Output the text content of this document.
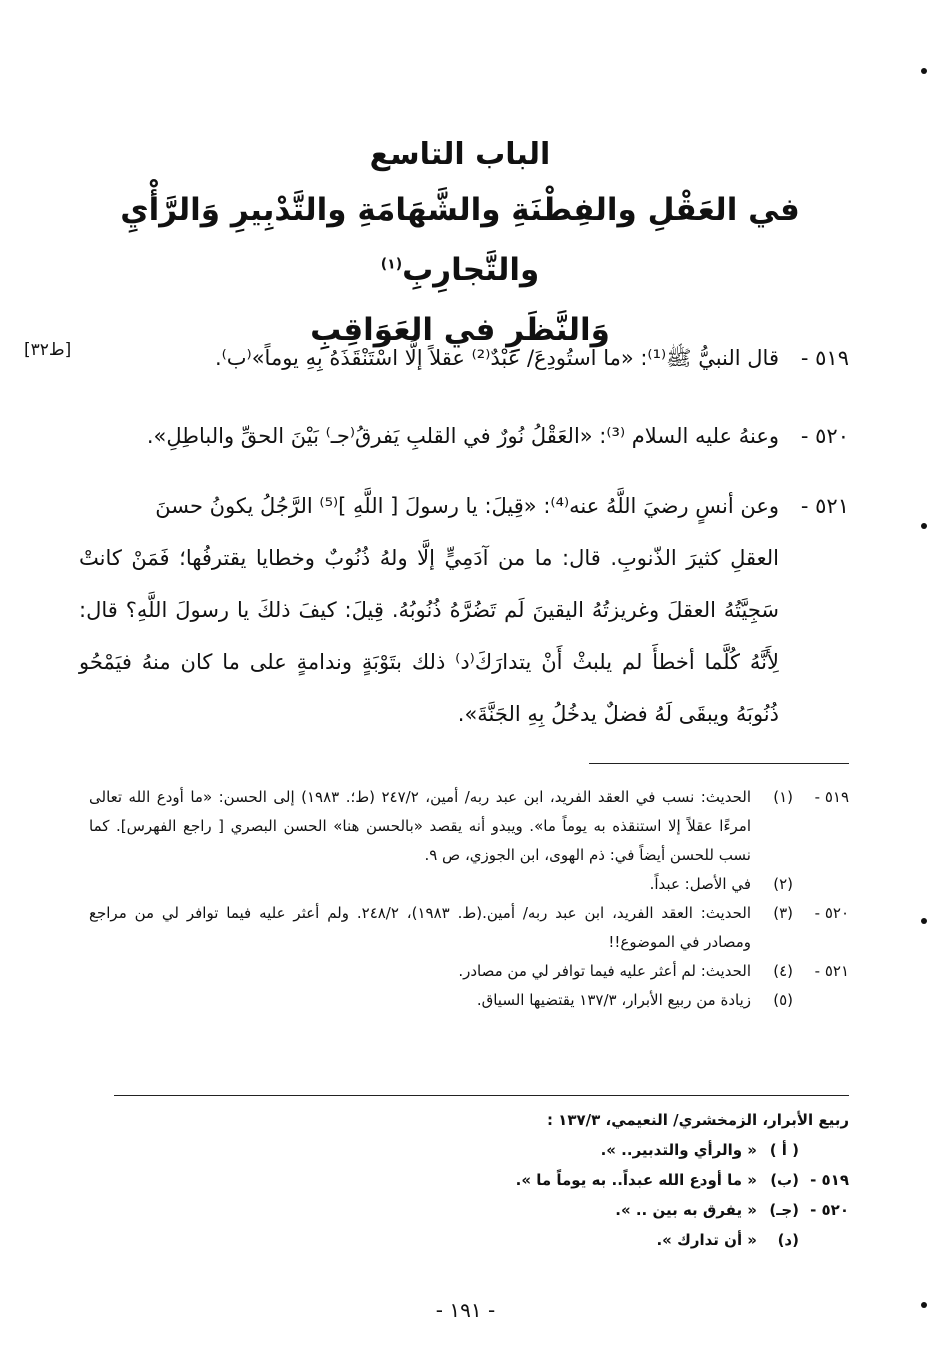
الباب التاسع
في العَقْلِ والفِطْنَةِ والشَّهَامَةِ والتَّدْبِيرِ وَالرَّأْيِ والتَّجارِبِ$^{(١)}$
وَالنَّظَرِ في العَوَاقِبِ
[ط٣٢]	٥١٩ -قال النبيُّ ﷺ⁽¹⁾: «ما استُودِعَ/ عَبْدٌ⁽²⁾ عقلاً إلَّا اسْتَنْقَذَهُ بِهِ يوماً»⁽ب⁾.
٥٢٠ -وعنهُ عليه السلام ⁽³⁾: «العَقْلُ نُورٌ في القلبِ يَفرقُ⁽جـ⁾ بَيْنَ الحقِّ والباطِلِ».
٥٢١ -وعن أنسٍ رضيَ اللَّهُ عنه⁽⁴⁾: «قِيلَ: يا رسولَ [ اللَّهِ ]⁽⁵⁾ الرَّجُلُ يكونُ حسنَ
العقلِ كثيرَ الذّنوبِ. قال: ما من آدَمِيٍّ إلَّا ولهُ ذُنُوبٌ وخطايا يقترفُها؛ فَمَنْ كانتْ سَجِيَّتُهُ العقلَ وغريزتُهُ اليقينَ لَم تَضُرَّهُ ذُنُوبُهُ. قِيلَ: كيفَ ذلكَ يا رسولَ اللَّهِ؟ قال: لِأَنَّهُ كُلَّما أخطأَ لم يلبثْ أَنْ يتدارَكَ⁽د⁾ ذلك بتَوْبَةٍ وندامةٍ على ما كان منهُ فيَمْحُو ذُنُوبَهُ ويبقَى لَهُ فضلٌ يدخُلُ بِهِ الجَنَّةَ».
٥١٩ -
(١)
الحديث: نسب في العقد الفريد، ابن عبد ربه/ أمين، ٢٤٧/٢ (ط؛. ١٩٨٣) إلى الحسن: «ما أودع الله تعالى امرءًا عقلاً إلا استنقذه به يوماً ما». ويبدو أنه يقصد «بالحسن هنا» الحسن البصري [ راجع الفهرس]. كما نسب للحسن أيضاً في: ذم الهوى، ابن الجوزي، ص ٩.
(٢)
في الأصل: عبداً.
٥٢٠ -
(٣)
الحديث: العقد الفريد، ابن عبد ربه/ أمين.(ط. ١٩٨٣)، ٢٤٨/٢. ولم أعثر عليه فيما توافر لي من مراجع ومصادر في الموضوع!!
٥٢١ -
(٤)
الحديث: لم أعثر عليه فيما توافر لي من مصادر.
(٥)
زيادة من ربيع الأبرار، ١٣٧/٣ يقتضيها السياق.
ربيع الأبرار، الزمخشري/ النعيمي، ١٣٧/٣ :
( أ )
« والرأي والتدبير.. ».
٥١٩ -
(ب)
« ما أودع الله عبداً.. به يوماً ما ».
٥٢٠ -
(جـ)
« يفرق به بين .. ».
(د)
« أن تدارك ».
- ١٩١ -
